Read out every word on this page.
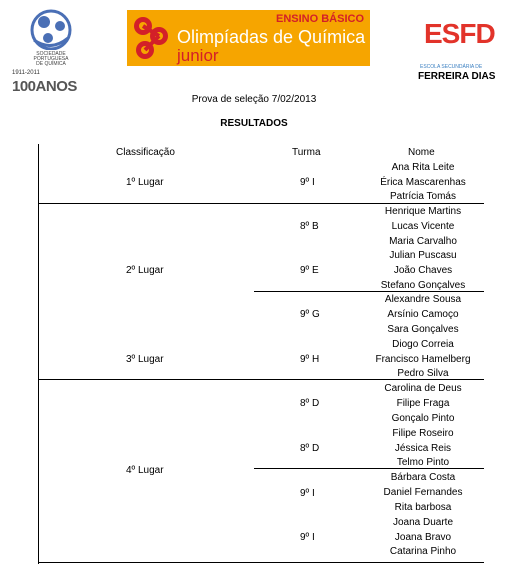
SOCIEDADE
PORTUGUESA
DE QUÍMICA
1911-2011
100ANOS
ENSINO BÁSICO
Olimpíadas de Química
junior
ESFD
ESCOLA SECUNDÁRIA DE
FERREIRA DIAS
Prova de seleção 7/02/2013
RESULTADOS
Classificação	Turma	Nome
1º Lugar
2º Lugar
3º Lugar
4º Lugar
9º I
8º B
9º E
9º G
9º H
8º D
8º D
9º I
9º I
Ana Rita Leite
Érica Mascarenhas
Patrícia Tomás
Henrique Martins
Lucas Vicente
Maria Carvalho
Julian Puscasu
João Chaves
Stefano Gonçalves
Alexandre Sousa
Arsínio Camoço
Sara Gonçalves
Diogo Correia
Francisco Hamelberg
Pedro Silva
Carolina de Deus
Filipe Fraga
Gonçalo Pinto
Filipe Roseiro
Jéssica Reis
Telmo Pinto
Bárbara Costa
Daniel Fernandes
Rita barbosa
Joana Duarte
Joana Bravo
Catarina Pinho
